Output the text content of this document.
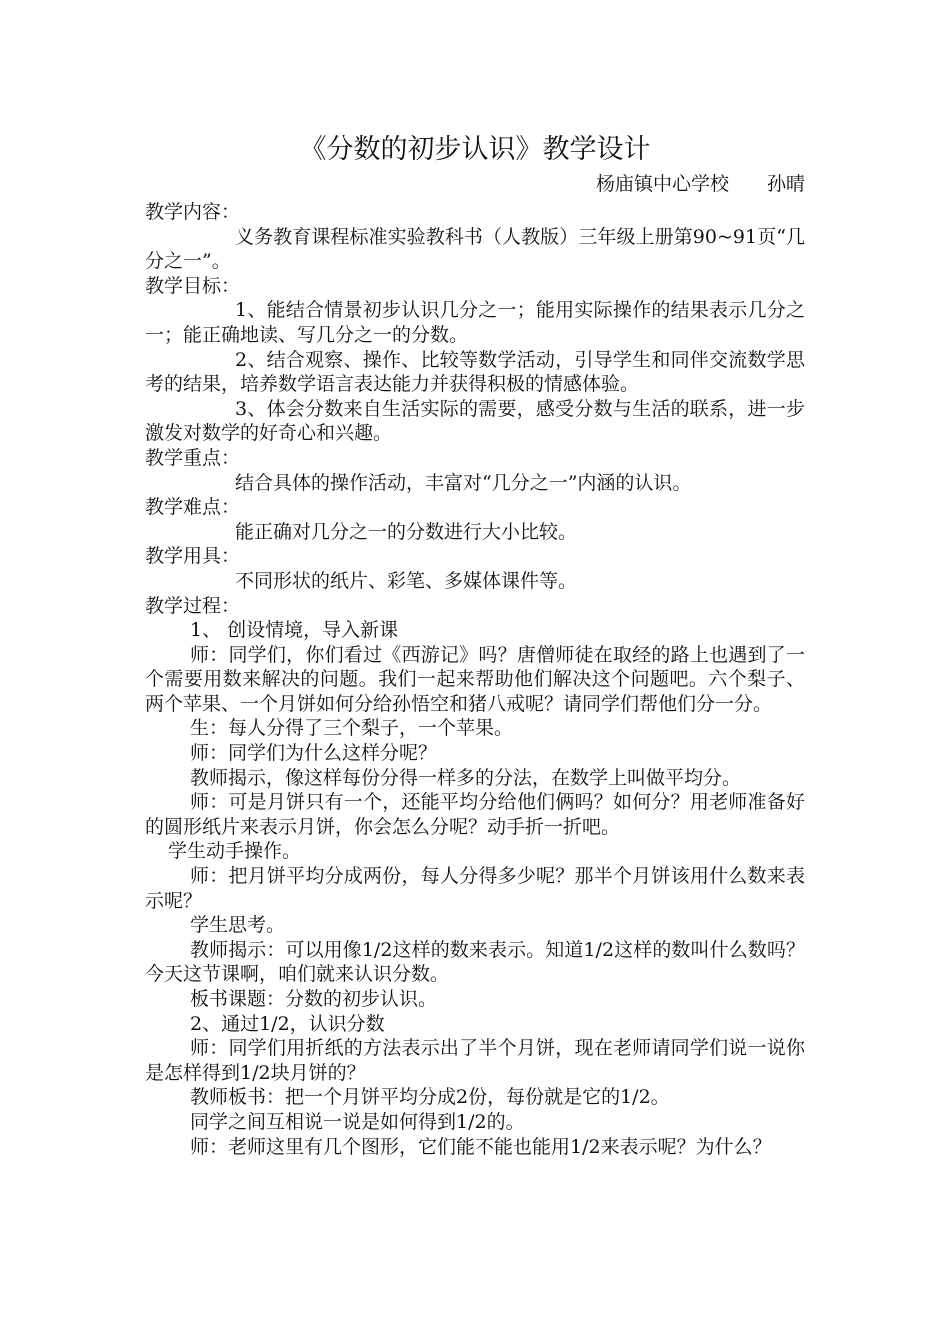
《分数的初步认识》教学设计
杨庙镇中心学校 孙晴

教学内容：

义务教育课程标准实验教科书（人教版）三年级上册第90~91页“几分之一”。

教学目标：

1、能结合情景初步认识几分之一；能用实际操作的结果表示几分之一；能正确地读、写几分之一的分数。

2、结合观察、操作、比较等数学活动，引导学生和同伴交流数学思考的结果，培养数学语言表达能力并获得积极的情感体验。

3、体会分数来自生活实际的需要，感受分数与生活的联系，进一步激发对数学的好奇心和兴趣。

教学重点：

结合具体的操作活动，丰富对“几分之一”内涵的认识。

教学难点：

能正确对几分之一的分数进行大小比较。

教学用具：

不同形状的纸片、彩笔、多媒体课件等。

教学过程：

1、 创设情境，导入新课

师：同学们，你们看过《西游记》吗？唐僧师徒在取经的路上也遇到了一个需要用数来解决的问题。我们一起来帮助他们解决这个问题吧。六个梨子、两个苹果、一个月饼如何分给孙悟空和猪八戒呢？请同学们帮他们分一分。

生：每人分得了三个梨子，一个苹果。

师：同学们为什么这样分呢？

教师揭示，像这样每份分得一样多的分法，在数学上叫做平均分。

师：可是月饼只有一个，还能平均分给他们俩吗？如何分？用老师准备好的圆形纸片来表示月饼，你会怎么分呢？动手折一折吧。

学生动手操作。

师：把月饼平均分成两份，每人分得多少呢？那半个月饼该用什么数来表示呢？

学生思考。

教师揭示：可以用像1/2这样的数来表示。知道1/2这样的数叫什么数吗？今天这节课啊，咱们就来认识分数。

板书课题：分数的初步认识。

2、通过1/2，认识分数

师：同学们用折纸的方法表示出了半个月饼，现在老师请同学们说一说你是怎样得到1/2块月饼的？

教师板书：把一个月饼平均分成2份，每份就是它的1/2。

同学之间互相说一说是如何得到1/2的。

师：老师这里有几个图形，它们能不能也能用1/2来表示呢？为什么？
